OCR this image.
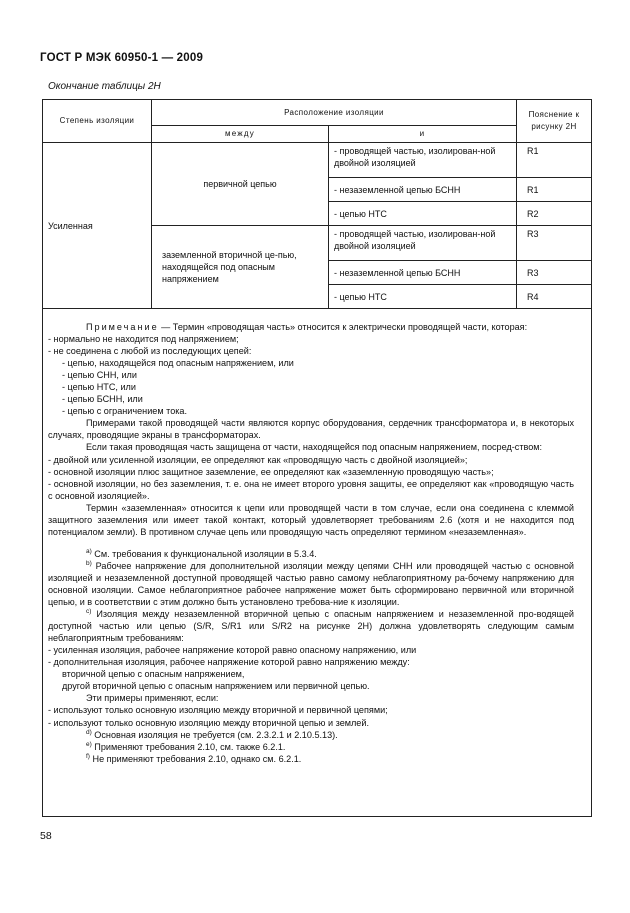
ГОСТ Р МЭК 60950-1 — 2009
Окончание таблицы 2Н
Степень изоляции	Расположение изоляции		Пояснение к рисунку 2Н
	между	и	
Усиленная	первичной цепью	- проводящей частью, изолирован-ной двойной изоляцией	R1
		- незаземленной цепью БСНН	R1
		- цепью НТС	R2
	заземленной вторичной це-пью, находящейся под опасным напряжением	- проводящей частью, изолирован-ной двойной изоляцией	R3
		- незаземленной цепью БСНН	R3
		- цепью НТС	R4

Примечание — Термин «проводящая часть» относится к электрически проводящей части, которая:

- нормально не находится под напряжением;

- не соединена с любой из последующих цепей:

- цепью, находящейся под опасным напряжением, или

- цепью СНН, или

- цепью НТС, или

- цепью БСНН, или

- цепью с ограничением тока.

Примерами такой проводящей части являются корпус оборудования, сердечник трансформатора и, в некоторых случаях, проводящие экраны в трансформаторах.

Если такая проводящая часть защищена от части, находящейся под опасным напряжением, посред-ством:

- двойной или усиленной изоляции, ее определяют как «проводящую часть с двойной изоляцией»;

- основной изоляции плюс защитное заземление, ее определяют как «заземленную проводящую часть»;

- основной изоляции, но без заземления, т. е. она не имеет второго уровня защиты, ее определяют как «проводящую часть с основной изоляцией».

Термин «заземленная» относится к цепи или проводящей части в том случае, если она соединена с клеммой защитного заземления или имеет такой контакт, который удовлетворяет требованиям 2.6 (хотя и не находится под потенциалом земли). В противном случае цепь или проводящую часть определяют термином «незаземленная».

$^{a)}$ См. требования к функциональной изоляции в 5.3.4.

$^{b)}$ Рабочее напряжение для дополнительной изоляции между цепями СНН или проводящей частью с основной изоляцией и незаземленной доступной проводящей частью равно самому неблагоприятному ра-бочему напряжению для основной изоляции. Самое неблагоприятное рабочее напряжение может быть сформировано первичной или вторичной цепью, и в соответствии с этим должно быть установлено требова-ние к изоляции.

$^{c)}$ Изоляция между незаземленной вторичной цепью с опасным напряжением и незаземленной про-водящей доступной частью или цепью (S/R, S/R1 или S/R2 на рисунке 2Н) должна удовлетворять следующим самым неблагоприятным требованиям:

- усиленная изоляция, рабочее напряжение которой равно опасному напряжению, или

- дополнительная изоляция, рабочее напряжение которой равно напряжению между:

вторичной цепью с опасным напряжением,

другой вторичной цепью с опасным напряжением или первичной цепью.

Эти примеры применяют, если:

- используют только основную изоляцию между вторичной и первичной цепями;

- используют только основную изоляцию между вторичной цепью и землей.

$^{d)}$ Основная изоляция не требуется (см. 2.3.2.1 и 2.10.5.13).

$^{e)}$ Применяют требования 2.10, см. также 6.2.1.

$^{f)}$ Не применяют требования 2.10, однако см. 6.2.1.

58
